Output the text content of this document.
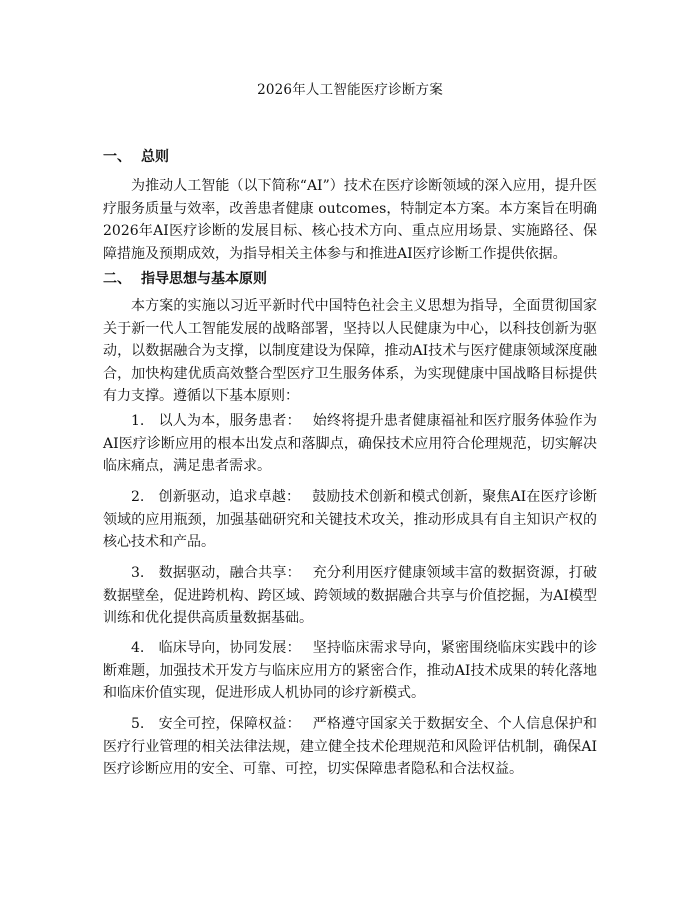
2026年人工智能医疗诊断方案
一、 总则

为推动人工智能（以下简称“AI”）技术在医疗诊断领域的深入应用，提升医疗服务质量与效率，改善患者健康 outcomes，特制定本方案。本方案旨在明确2026年AI医疗诊断的发展目标、核心技术方向、重点应用场景、实施路径、保障措施及预期成效，为指导相关主体参与和推进AI医疗诊断工作提供依据。

二、 指导思想与基本原则

本方案的实施以习近平新时代中国特色社会主义思想为指导，全面贯彻国家关于新一代人工智能发展的战略部署，坚持以人民健康为中心，以科技创新为驱动，以数据融合为支撑，以制度建设为保障，推动AI技术与医疗健康领域深度融合，加快构建优质高效整合型医疗卫生服务体系，为实现健康中国战略目标提供有力支撑。遵循以下基本原则：

1. 以人为本，服务患者： 始终将提升患者健康福祉和医疗服务体验作为AI医疗诊断应用的根本出发点和落脚点，确保技术应用符合伦理规范，切实解决临床痛点，满足患者需求。

2. 创新驱动，追求卓越： 鼓励技术创新和模式创新，聚焦AI在医疗诊断领域的应用瓶颈，加强基础研究和关键技术攻关，推动形成具有自主知识产权的核心技术和产品。

3. 数据驱动，融合共享： 充分利用医疗健康领域丰富的数据资源，打破数据壁垒，促进跨机构、跨区域、跨领域的数据融合共享与价值挖掘，为AI模型训练和优化提供高质量数据基础。

4. 临床导向，协同发展： 坚持临床需求导向，紧密围绕临床实践中的诊断难题，加强技术开发方与临床应用方的紧密合作，推动AI技术成果的转化落地和临床价值实现，促进形成人机协同的诊疗新模式。

5. 安全可控，保障权益： 严格遵守国家关于数据安全、个人信息保护和医疗行业管理的相关法律法规，建立健全技术伦理规范和风险评估机制，确保AI医疗诊断应用的安全、可靠、可控，切实保障患者隐私和合法权益。
